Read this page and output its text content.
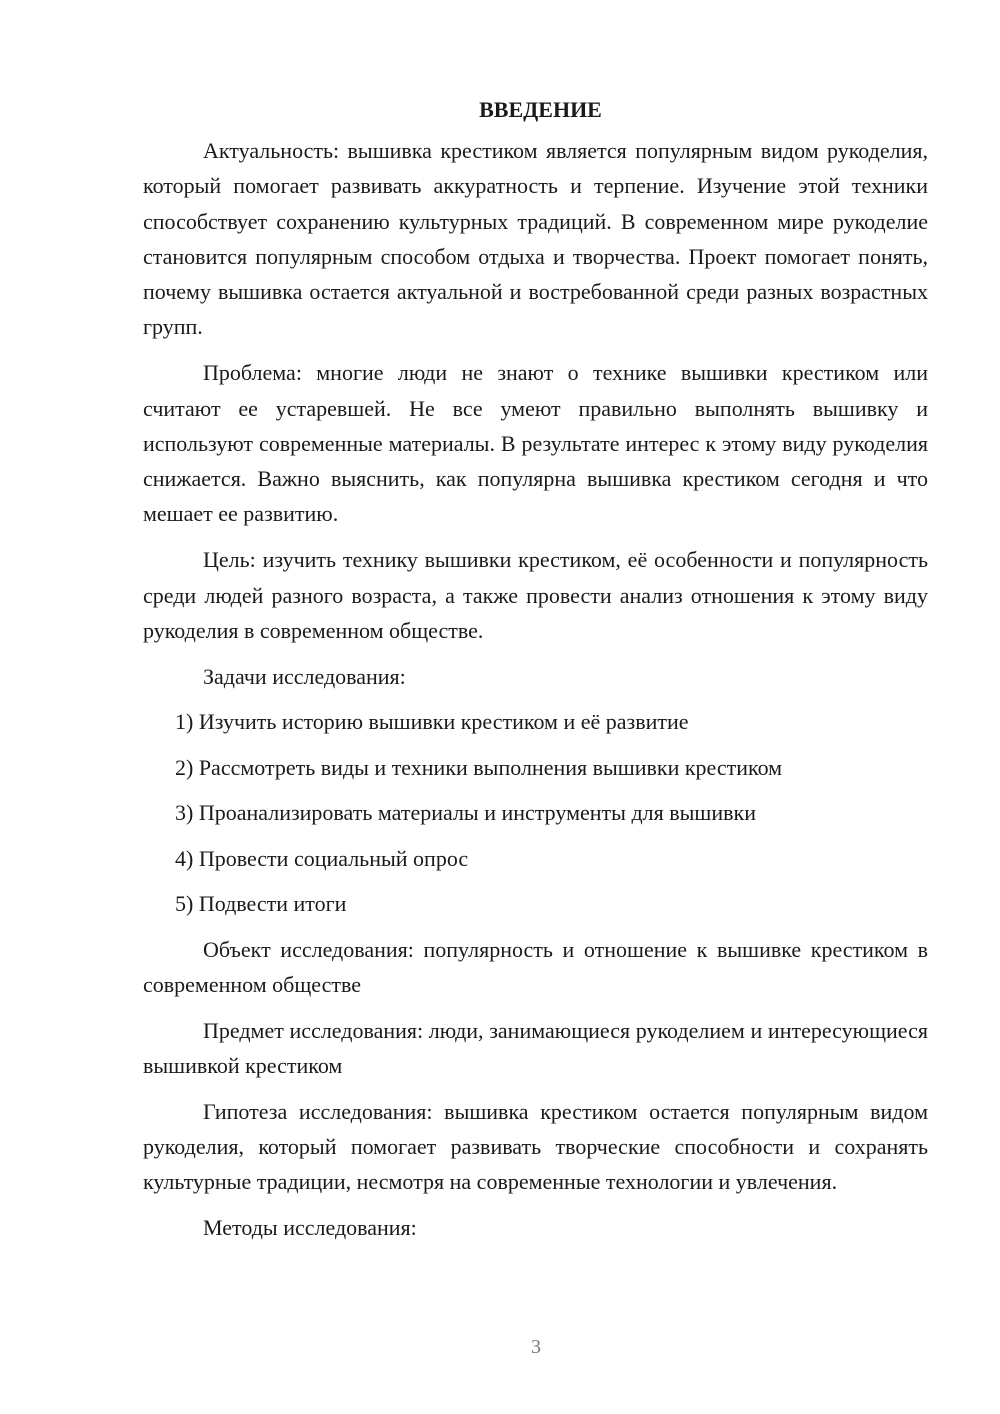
ВВЕДЕНИЕ

Актуальность: вышивка крестиком является популярным видом рукоделия, который помогает развивать аккуратность и терпение. Изучение этой техники способствует сохранению культурных традиций. В современном мире рукоделие становится популярным способом отдыха и творчества. Проект помогает понять, почему вышивка остается актуальной и востребованной среди разных возрастных групп.

Проблема: многие люди не знают о технике вышивки крестиком или считают ее устаревшей. Не все умеют правильно выполнять вышивку и используют современные материалы. В результате интерес к этому виду рукоделия снижается. Важно выяснить, как популярна вышивка крестиком сегодня и что мешает ее развитию.

Цель: изучить технику вышивки крестиком, её особенности и популярность среди людей разного возраста, а также провести анализ отношения к этому виду рукоделия в современном обществе.

Задачи исследования:

1) Изучить историю вышивки крестиком и её развитие
2) Рассмотреть виды и техники выполнения вышивки крестиком
3) Проанализировать материалы и инструменты для вышивки
4) Провести социальный опрос
5) Подвести итоги

Объект исследования: популярность и отношение к вышивке крестиком в современном обществе

Предмет исследования: люди, занимающиеся рукоделием и интересующиеся вышивкой крестиком

Гипотеза исследования: вышивка крестиком остается популярным видом рукоделия, который помогает развивать творческие способности и сохранять культурные традиции, несмотря на современные технологии и увлечения.

Методы исследования:

3
